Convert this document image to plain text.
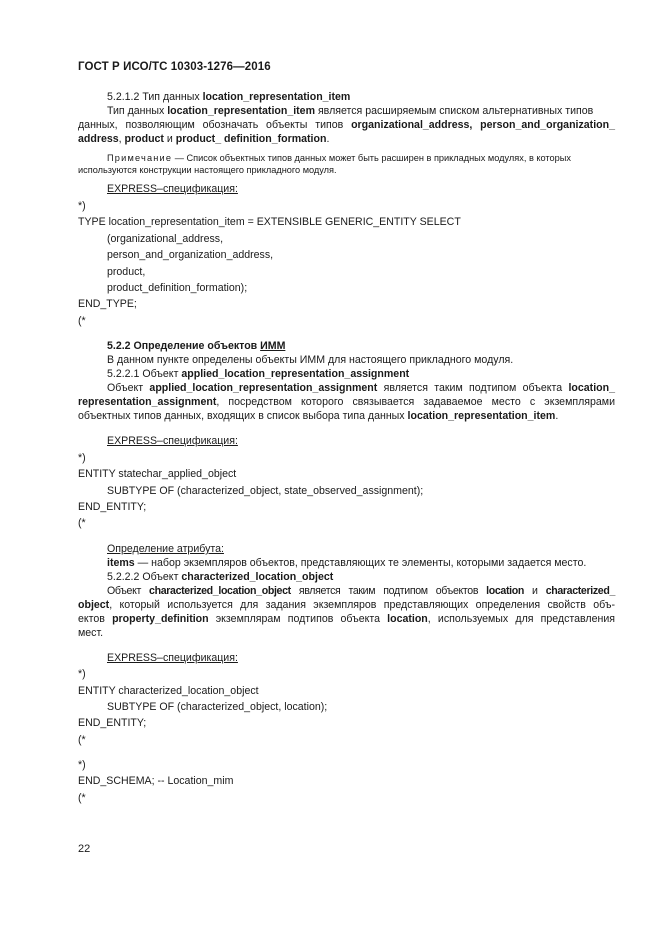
ГОСТ Р ИСО/ТС 10303-1276—2016
5.2.1.2 Тип данных location_representation_item
Тип данных location_representation_item является расширяемым списком альтернативных типов
данных, позволяющим обозначать объекты типов organizational_address, person_and_organization_
address, product и product_ definition_formation.
Примечание — Список объектных типов данных может быть расширен в прикладных модулях, в которых
используются конструкции настоящего прикладного модуля.
EXPRESS–спецификация:
*)
TYPE location_representation_item = EXTENSIBLE GENERIC_ENTITY SELECT
(organizational_address,
person_and_organization_address,
product,
product_definition_formation);
END_TYPE;
(*
5.2.2 Определение объектов ИММ
В данном пункте определены объекты ИММ для настоящего прикладного модуля.
5.2.2.1 Объект applied_location_representation_assignment
Объект applied_location_representation_assignment является таким подтипом объекта location_
representation_assignment, посредством которого связывается задаваемое место с экземплярами
объектных типов данных, входящих в список выбора типа данных location_representation_item.
EXPRESS–спецификация:
*)
ENTITY statechar_applied_object
SUBTYPE OF (characterized_object, state_observed_assignment);
END_ENTITY;
(*
Определение атрибута:
items — набор экземпляров объектов, представляющих те элементы, которыми задается место.
5.2.2.2 Объект characterized_location_object
Объект characterized_location_object является таким подтипом объектов location и characterized_
object, который используется для задания экземпляров представляющих определения свойств объ-
ектов property_definition экземплярам подтипов объекта location, используемых для представления
мест.
EXPRESS–спецификация:
*)
ENTITY characterized_location_object
SUBTYPE OF (characterized_object, location);
END_ENTITY;
(*
*)
END_SCHEMA; -- Location_mim
(*
22
